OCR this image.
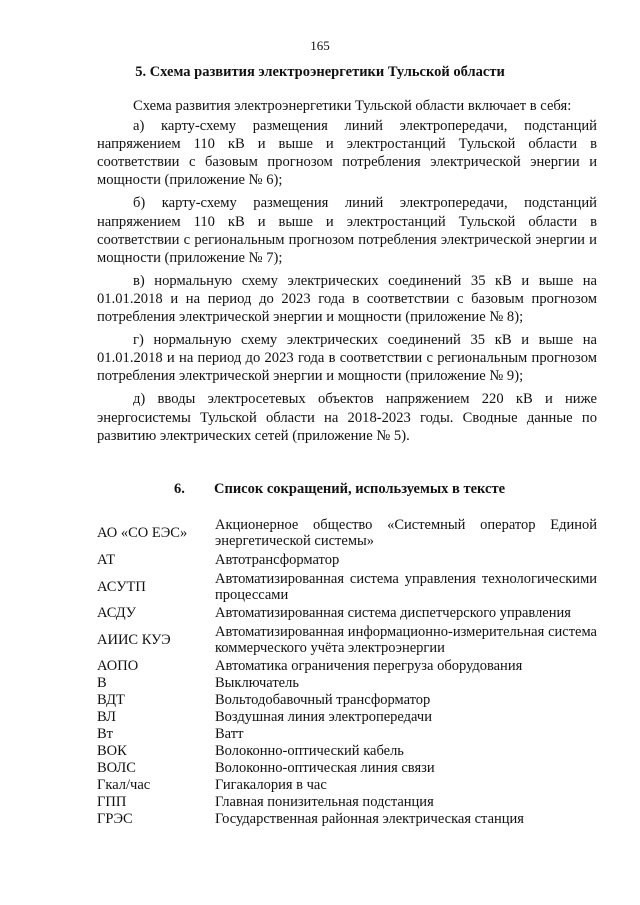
165
5. Схема развития электроэнергетики Тульской области

Схема развития электроэнергетики Тульской области включает в себя:

а) карту-схему размещения линий электропередачи, подстанций напряжением 110 кВ и выше и электростанций Тульской области в соответствии с базовым прогнозом потребления электрической энергии и мощности (приложение № 6);

б) карту-схему размещения линий электропередачи, подстанций напряжением 110 кВ и выше и электростанций Тульской области в соответствии с региональным прогнозом потребления электрической энергии и мощности (приложение № 7);

в) нормальную схему электрических соединений 35 кВ и выше на 01.01.2018 и на период до 2023 года в соответствии с базовым прогнозом потребления электрической энергии и мощности (приложение № 8);

г) нормальную схему электрических соединений 35 кВ и выше на 01.01.2018 и на период до 2023 года в соответствии с региональным прогнозом потребления электрической энергии и мощности (приложение № 9);

д) вводы электросетевых объектов напряжением 220 кВ и ниже энергосистемы Тульской области на 2018-2023 годы. Сводные данные по развитию электрических сетей (приложение № 5).

6. Список сокращений, используемых в тексте
АО «СО ЕЭС»	Акционерное общество «Системный оператор Единой энергетической системы»
АТ	Автотрансформатор
АСУТП	Автоматизированная система управления технологическими процессами
АСДУ	Автоматизированная система диспетчерского управления
АИИС КУЭ	Автоматизированная информационно-измерительная система коммерческого учёта электроэнергии
АОПО	Автоматика ограничения перегруза оборудования
В	Выключатель
ВДТ	Вольтодобавочный трансформатор
ВЛ	Воздушная линия электропередачи
Вт	Ватт
ВОК	Волоконно-оптический кабель
ВОЛС	Волоконно-оптическая линия связи
Гкал/час	Гигакалория в час
ГПП	Главная понизительная подстанция
ГРЭС	Государственная районная электрическая станция
